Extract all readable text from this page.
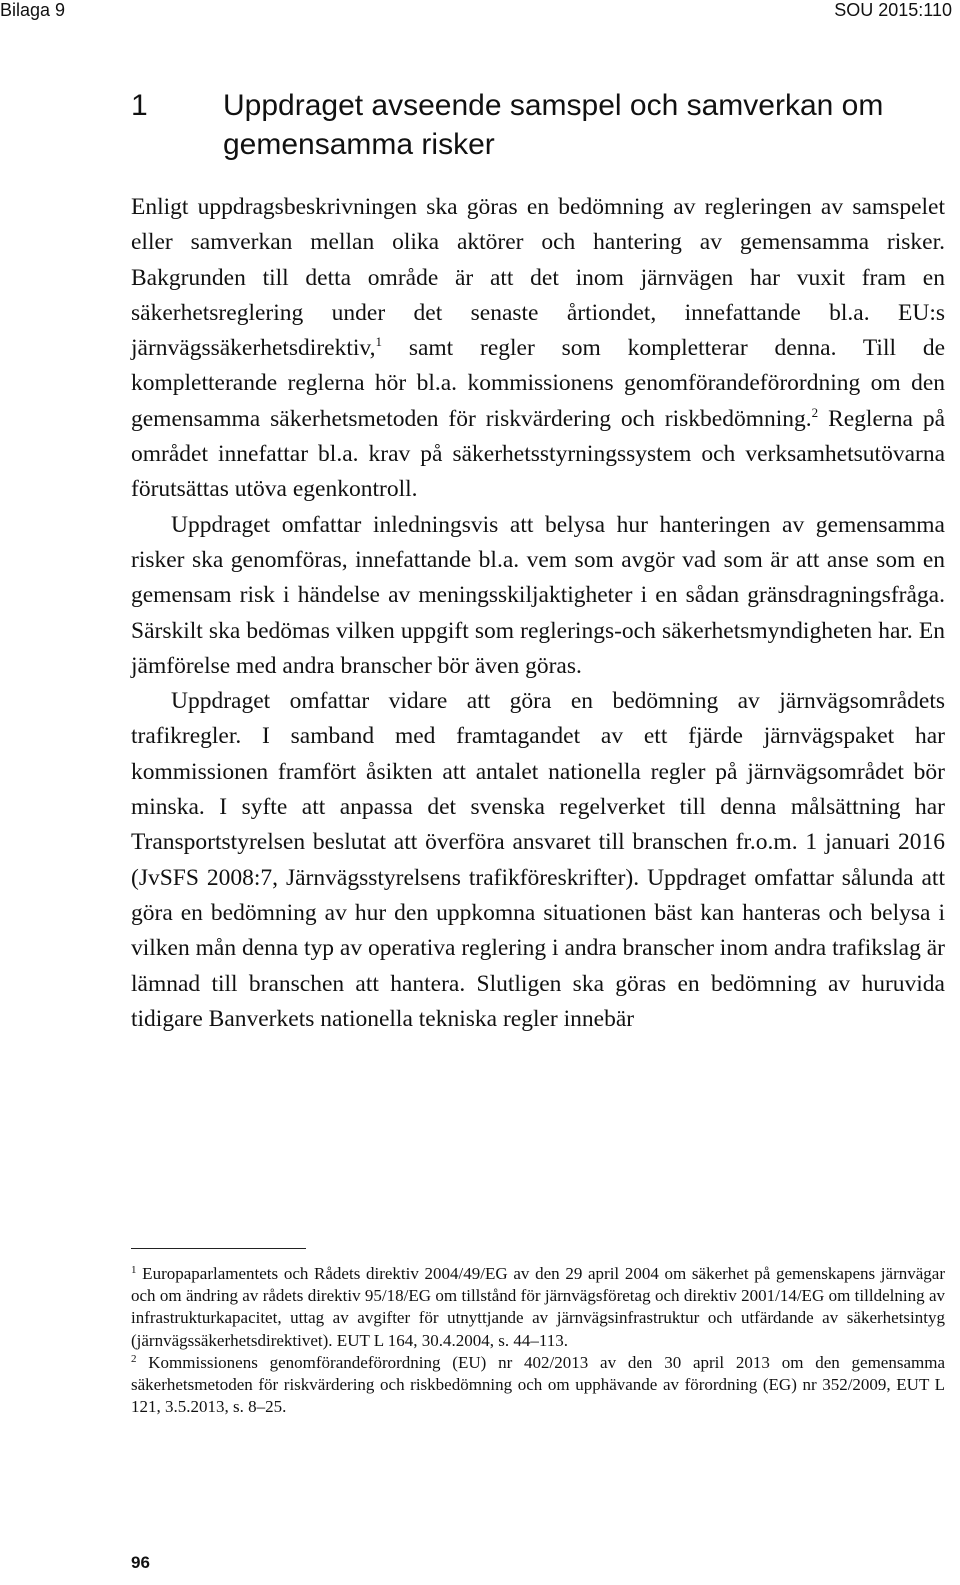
Bilaga 9	SOU 2015:110
1	Uppdraget avseende samspel och samverkan om gemensamma risker

Enligt uppdragsbeskrivningen ska göras en bedömning av regleringen av samspelet eller samverkan mellan olika aktörer och hantering av gemensamma risker. Bakgrunden till detta område är att det inom järnvägen har vuxit fram en säkerhetsreglering under det senaste årtiondet, innefattande bl.a. EU:s järnvägssäkerhetsdirektiv,$^1$ samt regler som kompletterar denna. Till de kompletterande reglerna hör bl.a. kommissionens genomförandeförordning om den gemensamma säkerhetsmetoden för riskvärdering och riskbedömning.$^2$ Reglerna på området innefattar bl.a. krav på säkerhetsstyrningssystem och verksamhetsutövarna förutsättas utöva egenkontroll.

Uppdraget omfattar inledningsvis att belysa hur hanteringen av gemensamma risker ska genomföras, innefattande bl.a. vem som avgör vad som är att anse som en gemensam risk i händelse av meningsskiljaktigheter i en sådan gränsdragningsfråga. Särskilt ska bedömas vilken uppgift som reglerings-och säkerhetsmyndigheten har. En jämförelse med andra branscher bör även göras.

Uppdraget omfattar vidare att göra en bedömning av järnvägsområdets trafikregler. I samband med framtagandet av ett fjärde järnvägspaket har kommissionen framfört åsikten att antalet nationella regler på järnvägsområdet bör minska. I syfte att anpassa det svenska regelverket till denna målsättning har Transportstyrelsen beslutat att överföra ansvaret till branschen fr.o.m. 1 januari 2016 (JvSFS 2008:7, Järnvägsstyrelsens trafikföreskrifter). Uppdraget omfattar sålunda att göra en bedömning av hur den uppkomna situationen bäst kan hanteras och belysa i vilken mån denna typ av operativa reglering i andra branscher inom andra trafikslag är lämnad till branschen att hantera. Slutligen ska göras en bedömning av huruvida tidigare Banverkets nationella tekniska regler innebär

$^1$ Europaparlamentets och Rådets direktiv 2004/49/EG av den 29 april 2004 om säkerhet på gemenskapens järnvägar och om ändring av rådets direktiv 95/18/EG om tillstånd för järnvägsföretag och direktiv 2001/14/EG om tilldelning av infrastrukturkapacitet, uttag av avgifter för utnyttjande av järnvägsinfrastruktur och utfärdande av säkerhetsintyg (järnvägssäkerhetsdirektivet). EUT L 164, 30.4.2004, s. 44–113.

$^2$ Kommissionens genomförandeförordning (EU) nr 402/2013 av den 30 april 2013 om den gemensamma säkerhetsmetoden för riskvärdering och riskbedömning och om upphävande av förordning (EG) nr 352/2009, EUT L 121, 3.5.2013, s. 8–25.

96
